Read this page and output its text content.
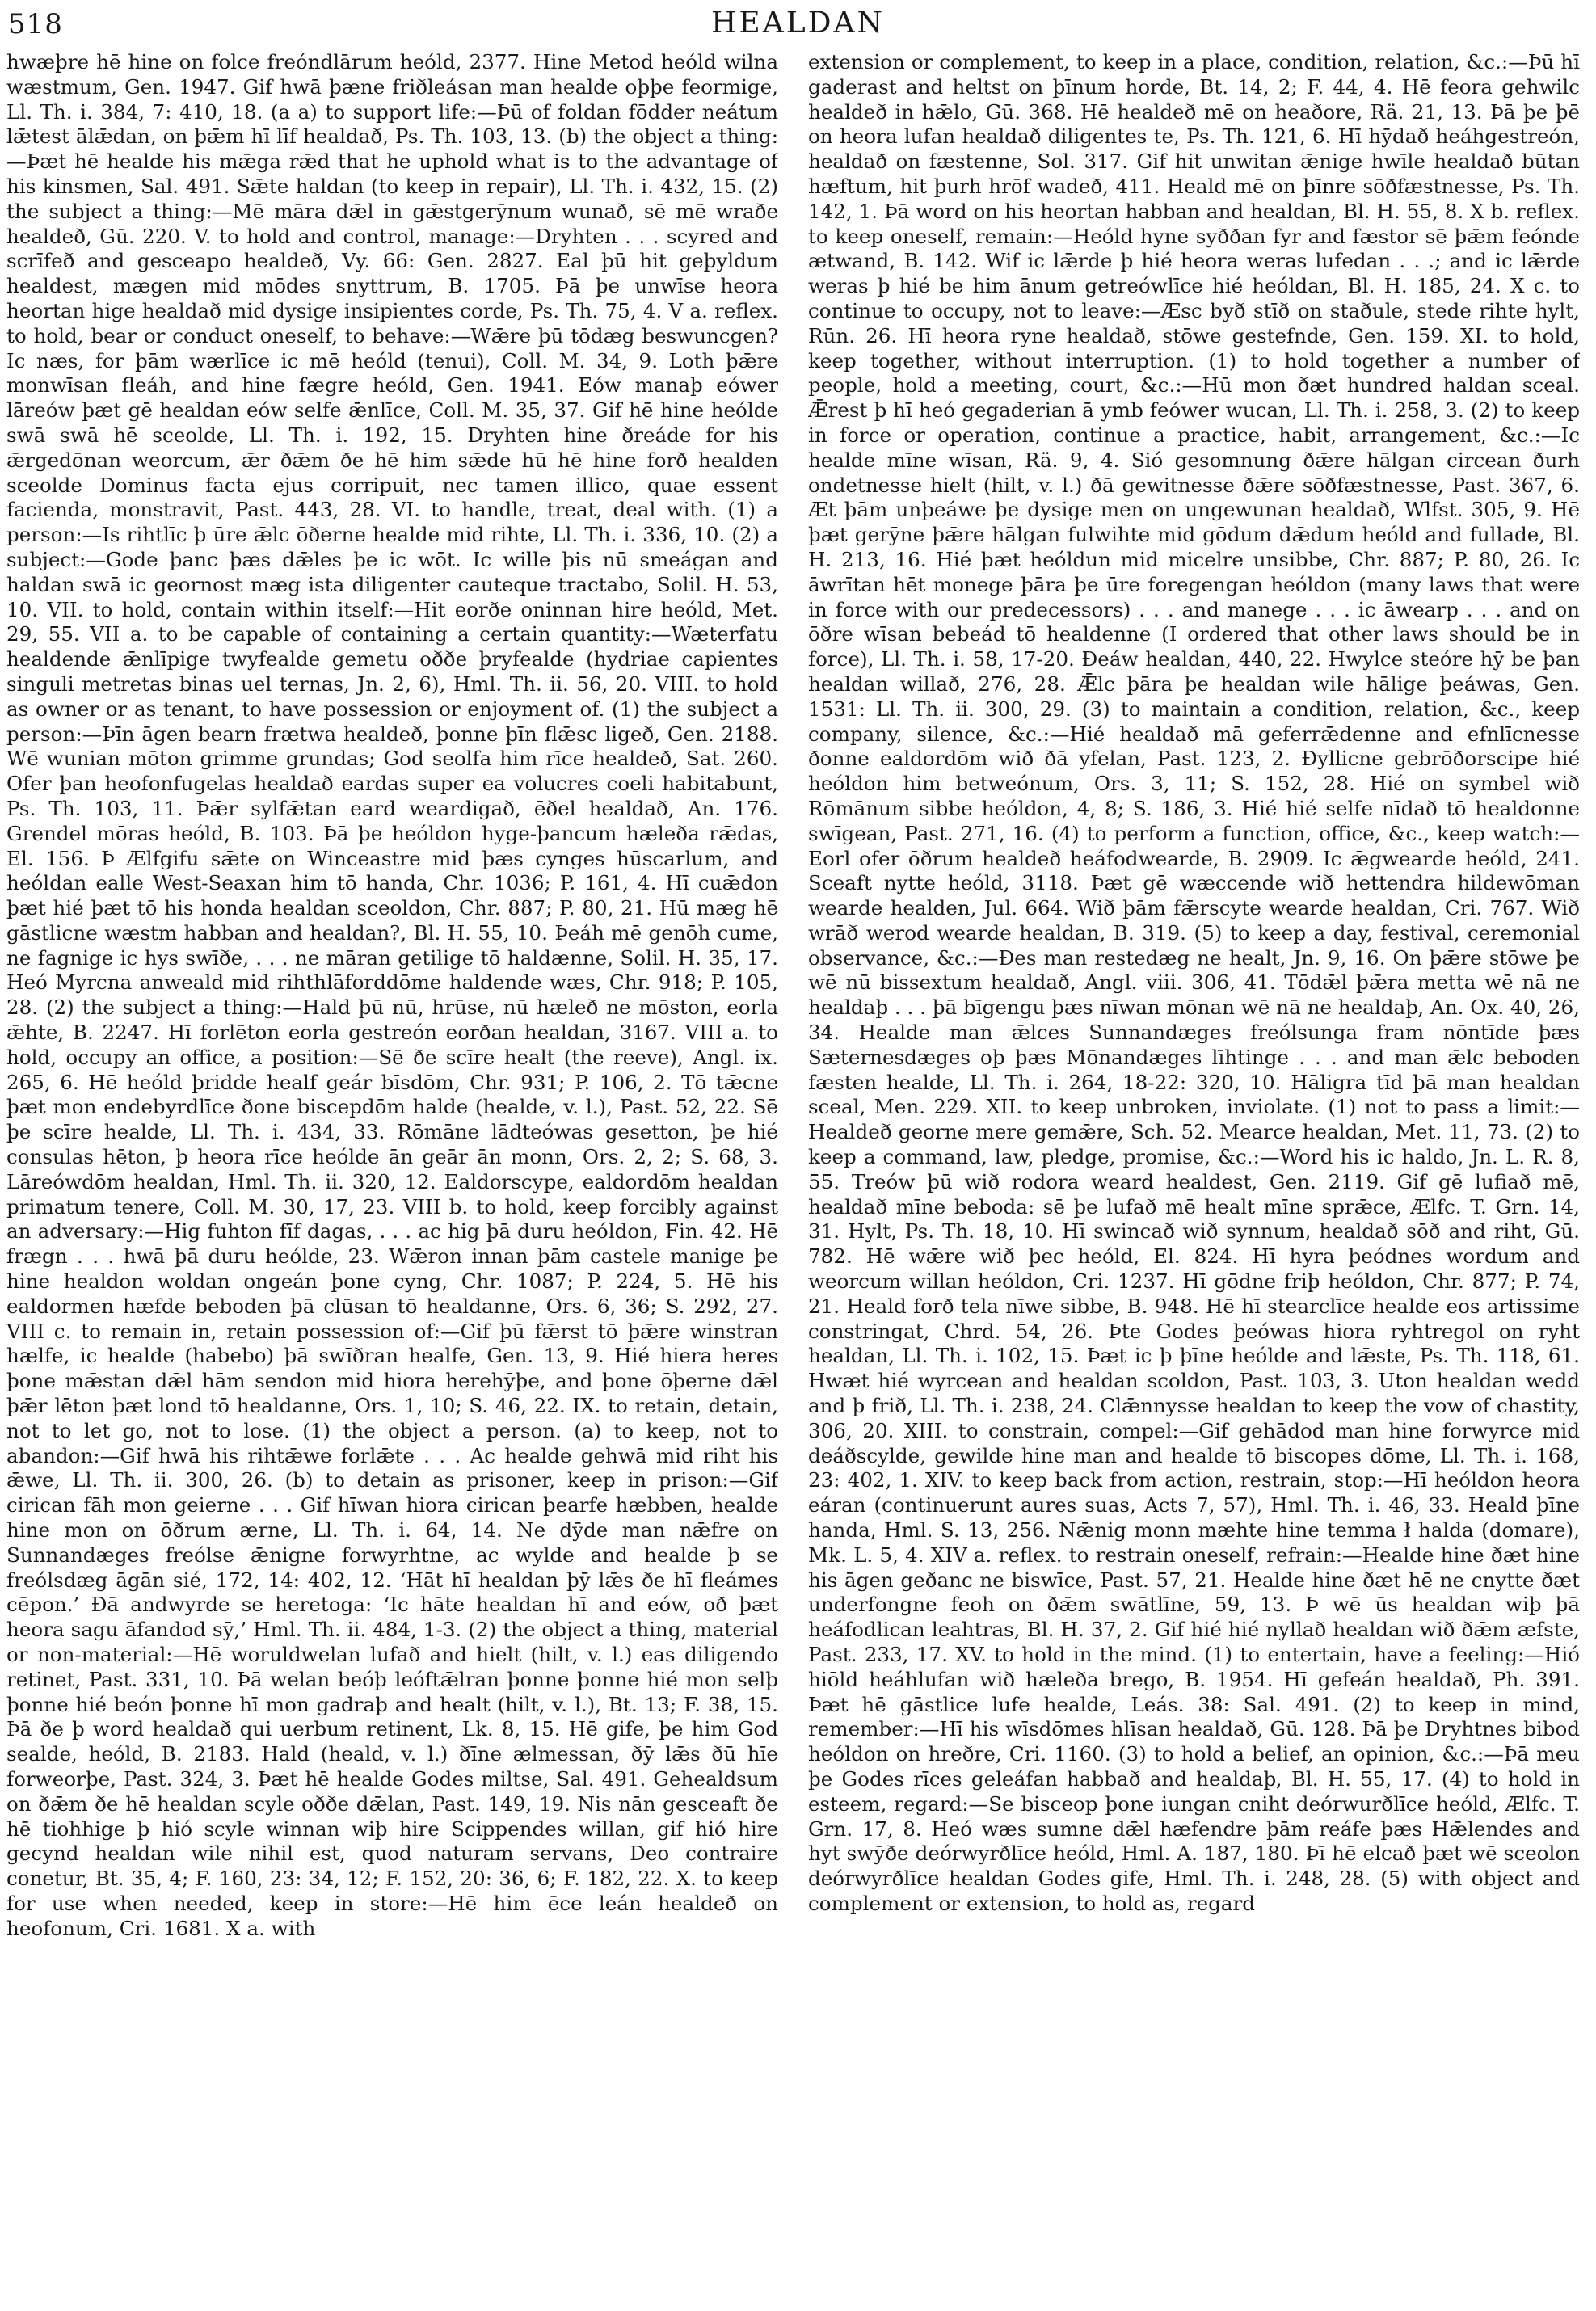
518	HEALDAN

hwæþre hē hine on folce freóndlārum heóld, 2377. Hine Metod heóld wilna wæstmum, Gen. 1947. Gif hwā þæne friðleásan man healde oþþe feormige, Ll. Th. i. 384, 7: 410, 18. (a a) to support life:—Þū of foldan fōdder neátum lǣtest ālǣdan, on þǣm hī līf healdað, Ps. Th. 103, 13. (b) the object a thing:—Þæt hē healde his mǣga rǣd that he uphold what is to the advantage of his kinsmen, Sal. 491. Sǣte haldan (to keep in repair), Ll. Th. i. 432, 15. (2) the subject a thing:—Mē māra dǣl in gǣstgerȳnum wunað, sē mē wraðe healdeð, Gū. 220. V. to hold and control, manage:—Dryhten . . . scyred and scrīfeð and gesceapo healdeð, Vy. 66: Gen. 2827. Eal þū hit geþyldum healdest, mægen mid mōdes snyttrum, B. 1705. Þā þe unwīse heora heortan hige healdað mid dysige insipientes corde, Ps. Th. 75, 4. V a. reflex. to hold, bear or conduct oneself, to behave:—Wǣre þū tōdæg beswuncgen? Ic næs, for þām wærlīce ic mē heóld (tenui), Coll. M. 34, 9. Loth þǣre monwīsan fleáh, and hine fægre heóld, Gen. 1941. Eów manaþ eówer lāreów þæt gē healdan eów selfe ǣnlīce, Coll. M. 35, 37. Gif hē hine heólde swā swā hē sceolde, Ll. Th. i. 192, 15. Dryhten hine ðreáde for his ǣrgedōnan weorcum, ǣr ðǣm ðe hē him sǣde hū hē hine forð healden sceolde Dominus facta ejus corripuit, nec tamen illico, quae essent facienda, monstravit, Past. 443, 28. VI. to handle, treat, deal with. (1) a person:—Is rihtlīc þ ūre ǣlc ōðerne healde mid rihte, Ll. Th. i. 336, 10. (2) a subject:—Gode þanc þæs dǣles þe ic wōt. Ic wille þis nū smeágan and haldan swā ic geornost mæg ista diligenter cauteque tractabo, Solil. H. 53, 10. VII. to hold, contain within itself:—Hit eorðe oninnan hire heóld, Met. 29, 55. VII a. to be capable of containing a certain quantity:—Wæterfatu healdende ǣnlīpige twyfealde gemetu oððe þryfealde (hydriae capientes singuli metretas binas uel ternas, Jn. 2, 6), Hml. Th. ii. 56, 20. VIII. to hold as owner or as tenant, to have possession or enjoyment of. (1) the subject a person:—Þīn āgen bearn frætwa healdeð, þonne þīn flǣsc ligeð, Gen. 2188. Wē wunian mōton grimme grundas; God seolfa him rīce healdeð, Sat. 260. Ofer þan heofonfugelas healdað eardas super ea volucres coeli habitabunt, Ps. Th. 103, 11. Þǣr sylfǣtan eard weardigað, ēðel healdað, An. 176. Grendel mōras heóld, B. 103. Þā þe heóldon hyge-þancum hæleða rǣdas, El. 156. Þ Ælfgifu sǣte on Winceastre mid þæs cynges hūscarlum, and heóldan ealle West-Seaxan him tō handa, Chr. 1036; P. 161, 4. Hī cuǣdon þæt hié þæt tō his honda healdan sceoldon, Chr. 887; P. 80, 21. Hū mæg hē gāstlicne wæstm habban and healdan?, Bl. H. 55, 10. Þeáh mē genōh cume, ne fagnige ic hys swīðe, . . . ne māran getilige tō haldænne, Solil. H. 35, 17. Heó Myrcna anweald mid rihthlāforddōme haldende wæs, Chr. 918; P. 105, 28. (2) the subject a thing:—Hald þū nū, hrūse, nū hæleð ne mōston, eorla ǣhte, B. 2247. Hī forlēton eorla gestreón eorðan healdan, 3167. VIII a. to hold, occupy an office, a position:—Sē ðe scīre healt (the reeve), Angl. ix. 265, 6. Hē heóld þridde healf geár bīsdōm, Chr. 931; P. 106, 2. Tō tǣcne þæt mon endebyrdlīce ðone biscepdōm halde (healde, v. l.), Past. 52, 22. Sē þe scīre healde, Ll. Th. i. 434, 33. Rōmāne lādteówas gesetton, þe hié consulas hēton, þ heora rīce heólde ān geār ān monn, Ors. 2, 2; S. 68, 3. Lāreówdōm healdan, Hml. Th. ii. 320, 12. Ealdorscype, ealdordōm healdan primatum tenere, Coll. M. 30, 17, 23. VIII b. to hold, keep forcibly against an adversary:—Hig fuhton fīf dagas, . . . ac hig þā duru heóldon, Fin. 42. Hē frægn . . . hwā þā duru heólde, 23. Wǣron innan þām castele manige þe hine healdon woldan ongeán þone cyng, Chr. 1087; P. 224, 5. Hē his ealdormen hæfde beboden þā clūsan tō healdanne, Ors. 6, 36; S. 292, 27. VIII c. to remain in, retain possession of:—Gif þū fǣrst tō þǣre winstran hælfe, ic healde (habebo) þā swīðran healfe, Gen. 13, 9. Hié hiera heres þone mǣstan dǣl hām sendon mid hiora herehȳþe, and þone ōþerne dǣl þǣr lēton þæt lond tō healdanne, Ors. 1, 10; S. 46, 22. IX. to retain, detain, not to let go, not to lose. (1) the object a person. (a) to keep, not to abandon:—Gif hwā his rihtǣwe forlǣte . . . Ac healde gehwā mid riht his ǣwe, Ll. Th. ii. 300, 26. (b) to detain as prisoner, keep in prison:—Gif cirican fāh mon geierne . . . Gif hīwan hiora cirican þearfe hæbben, healde hine mon on ōðrum ærne, Ll. Th. i. 64, 14. Ne dȳde man nǣfre on Sunnandæges freólse ǣnigne forwyrhtne, ac wylde and healde þ se freólsdæg āgān sié, 172, 14: 402, 12. ‘Hāt hī healdan þȳ lǣs ðe hī fleámes cēpon.’ Ðā andwyrde se heretoga: ‘Ic hāte healdan hī and eów, oð þæt heora sagu āfandod sȳ,’ Hml. Th. ii. 484, 1-3. (2) the object a thing, material or non-material:—Hē woruldwelan lufað and hielt (hilt, v. l.) eas diligendo retinet, Past. 331, 10. Þā welan beóþ leóftǣlran þonne þonne hié mon selþ þonne hié beón þonne hī mon gadraþ and healt (hilt, v. l.), Bt. 13; F. 38, 15. Þā ðe þ word healdað qui uerbum retinent, Lk. 8, 15. Hē gife, þe him God sealde, heóld, B. 2183. Hald (heald, v. l.) ðīne ælmessan, ðȳ lǣs ðū hīe forweorþe, Past. 324, 3. Þæt hē healde Godes miltse, Sal. 491. Gehealdsum on ðǣm ðe hē healdan scyle oððe dǣlan, Past. 149, 19. Nis nān gesceaft ðe hē tiohhige þ hió scyle winnan wiþ hire Scippendes willan, gif hió hire gecynd healdan wile nihil est, quod naturam servans, Deo contraire conetur, Bt. 35, 4; F. 160, 23: 34, 12; F. 152, 20: 36, 6; F. 182, 22. X. to keep for use when needed, keep in store:—Hē him ēce leán healdeð on heofonum, Cri. 1681. X a. with

extension or complement, to keep in a place, condition, relation, &c.:—Þū hī gaderast and heltst on þīnum horde, Bt. 14, 2; F. 44, 4. Hē feora gehwilc healdeð in hǣlo, Gū. 368. Hē healdeð mē on heaðore, Rä. 21, 13. Þā þe þē on heora lufan healdað diligentes te, Ps. Th. 121, 6. Hī hȳdað heáhgestreón, healdað on fæstenne, Sol. 317. Gif hit unwitan ǣnige hwīle healdað būtan hæftum, hit þurh hrōf wadeð, 411. Heald mē on þīnre sōðfæstnesse, Ps. Th. 142, 1. Þā word on his heortan habban and healdan, Bl. H. 55, 8. X b. reflex. to keep oneself, remain:—Heóld hyne syððan fyr and fæstor sē þǣm feónde ætwand, B. 142. Wif ic lǣrde þ hié heora weras lufedan . . .; and ic lǣrde weras þ hié be him ānum getreówlīce hié heóldan, Bl. H. 185, 24. X c. to continue to occupy, not to leave:—Æsc byð stīð on staðule, stede rihte hylt, Rūn. 26. Hī heora ryne healdað, stōwe gestefnde, Gen. 159. XI. to hold, keep together, without interruption. (1) to hold together a number of people, hold a meeting, court, &c.:—Hū mon ðæt hundred haldan sceal. Ǣrest þ hī heó gegaderian ā ymb feówer wucan, Ll. Th. i. 258, 3. (2) to keep in force or operation, continue a practice, habit, arrangement, &c.:—Ic healde mīne wīsan, Rä. 9, 4. Sió gesomnung ðǣre hālgan circean ðurh ondetnesse hielt (hilt, v. l.) ðā gewitnesse ðǣre sōðfæstnesse, Past. 367, 6. Æt þām unþeáwe þe dysige men on ungewunan healdað, Wlfst. 305, 9. Hē þæt gerȳne þǣre hālgan fulwihte mid gōdum dǣdum heóld and fullade, Bl. H. 213, 16. Hié þæt heóldun mid micelre unsibbe, Chr. 887; P. 80, 26. Ic āwrītan hēt monege þāra þe ūre foregengan heóldon (many laws that were in force with our predecessors) . . . and manege . . . ic āwearp . . . and on ōðre wīsan bebeád tō healdenne (I ordered that other laws should be in force), Ll. Th. i. 58, 17-20. Ðeáw healdan, 440, 22. Hwylce steóre hȳ be þan healdan willað, 276, 28. Ǣlc þāra þe healdan wile hālige þeáwas, Gen. 1531: Ll. Th. ii. 300, 29. (3) to maintain a condition, relation, &c., keep company, silence, &c.:—Hié healdað mā geferrǣdenne and efnlīcnesse ðonne ealdordōm wið ðā yfelan, Past. 123, 2. Ðyllicne gebrōðorscipe hié heóldon him betweónum, Ors. 3, 11; S. 152, 28. Hié on symbel wið Rōmānum sibbe heóldon, 4, 8; S. 186, 3. Hié hié selfe nīdað tō healdonne swīgean, Past. 271, 16. (4) to perform a function, office, &c., keep watch:—Eorl ofer ōðrum healdeð heáfodwearde, B. 2909. Ic ǣgwearde heóld, 241. Sceaft nytte heóld, 3118. Þæt gē wæccende wið hettendra hildewōman wearde healden, Jul. 664. Wið þām fǣrscyte wearde healdan, Cri. 767. Wið wrāð werod wearde healdan, B. 319. (5) to keep a day, festival, ceremonial observance, &c.:—Ðes man restedæg ne healt, Jn. 9, 16. On þǣre stōwe þe wē nū bissextum healdað, Angl. viii. 306, 41. Tōdǣl þǣra metta wē nā ne healdaþ . . . þā bīgengu þæs nīwan mōnan wē nā ne healdaþ, An. Ox. 40, 26, 34. Healde man ǣlces Sunnandæges freólsunga fram nōntīde þæs Sæternesdæges oþ þæs Mōnandæges līhtinge . . . and man ǣlc beboden fæsten healde, Ll. Th. i. 264, 18-22: 320, 10. Hāligra tīd þā man healdan sceal, Men. 229. XII. to keep unbroken, inviolate. (1) not to pass a limit:—Healdeð georne mere gemǣre, Sch. 52. Mearce healdan, Met. 11, 73. (2) to keep a command, law, pledge, promise, &c.:—Word his ic haldo, Jn. L. R. 8, 55. Treów þū wið rodora weard healdest, Gen. 2119. Gif gē lufiað mē, healdað mīne beboda: sē þe lufað mē healt mīne sprǣce, Ælfc. T. Grn. 14, 31. Hylt, Ps. Th. 18, 10. Hī swincað wið synnum, healdað sōð and riht, Gū. 782. Hē wǣre wið þec heóld, El. 824. Hī hyra þeódnes wordum and weorcum willan heóldon, Cri. 1237. Hī gōdne friþ heóldon, Chr. 877; P. 74, 21. Heald forð tela nīwe sibbe, B. 948. Hē hī stearclīce healde eos artissime constringat, Chrd. 54, 26. Þte Godes þeówas hiora ryhtregol on ryht healdan, Ll. Th. i. 102, 15. Þæt ic þ þīne heólde and lǣste, Ps. Th. 118, 61. Hwæt hié wyrcean and healdan scoldon, Past. 103, 3. Uton healdan wedd and þ frið, Ll. Th. i. 238, 24. Clǣnnysse healdan to keep the vow of chastity, 306, 20. XIII. to constrain, compel:—Gif gehādod man hine forwyrce mid deáðscylde, gewilde hine man and healde tō biscopes dōme, Ll. Th. i. 168, 23: 402, 1. XIV. to keep back from action, restrain, stop:—Hī heóldon heora eáran (continuerunt aures suas, Acts 7, 57), Hml. Th. i. 46, 33. Heald þīne handa, Hml. S. 13, 256. Nǣnig monn mæhte hine temma ł halda (domare), Mk. L. 5, 4. XIV a. reflex. to restrain oneself, refrain:—Healde hine ðæt hine his āgen geðanc ne biswīce, Past. 57, 21. Healde hine ðæt hē ne cnytte ðæt underfongne feoh on ðǣm swātlīne, 59, 13. Þ wē ūs healdan wiþ þā heáfodlican leahtras, Bl. H. 37, 2. Gif hié hié nyllað healdan wið ðǣm æfste, Past. 233, 17. XV. to hold in the mind. (1) to entertain, have a feeling:—Hió hiōld heáhlufan wið hæleða brego, B. 1954. Hī gefeán healdað, Ph. 391. Þæt hē gāstlice lufe healde, Leás. 38: Sal. 491. (2) to keep in mind, remember:—Hī his wīsdōmes hlīsan healdað, Gū. 128. Þā þe Dryhtnes bibod heóldon on hreðre, Cri. 1160. (3) to hold a belief, an opinion, &c.:—Þā meu þe Godes rīces geleáfan habbað and healdaþ, Bl. H. 55, 17. (4) to hold in esteem, regard:—Se bisceop þone iungan cniht deórwurðlīce heóld, Ælfc. T. Grn. 17, 8. Heó wæs sumne dǣl hæfendre þām reáfe þæs Hǣlendes and hyt swȳðe deórwyrðlīce heóld, Hml. A. 187, 180. Þī hē elcað þæt wē sceolon deórwyrðlīce healdan Godes gife, Hml. Th. i. 248, 28. (5) with object and complement or extension, to hold as, regard
